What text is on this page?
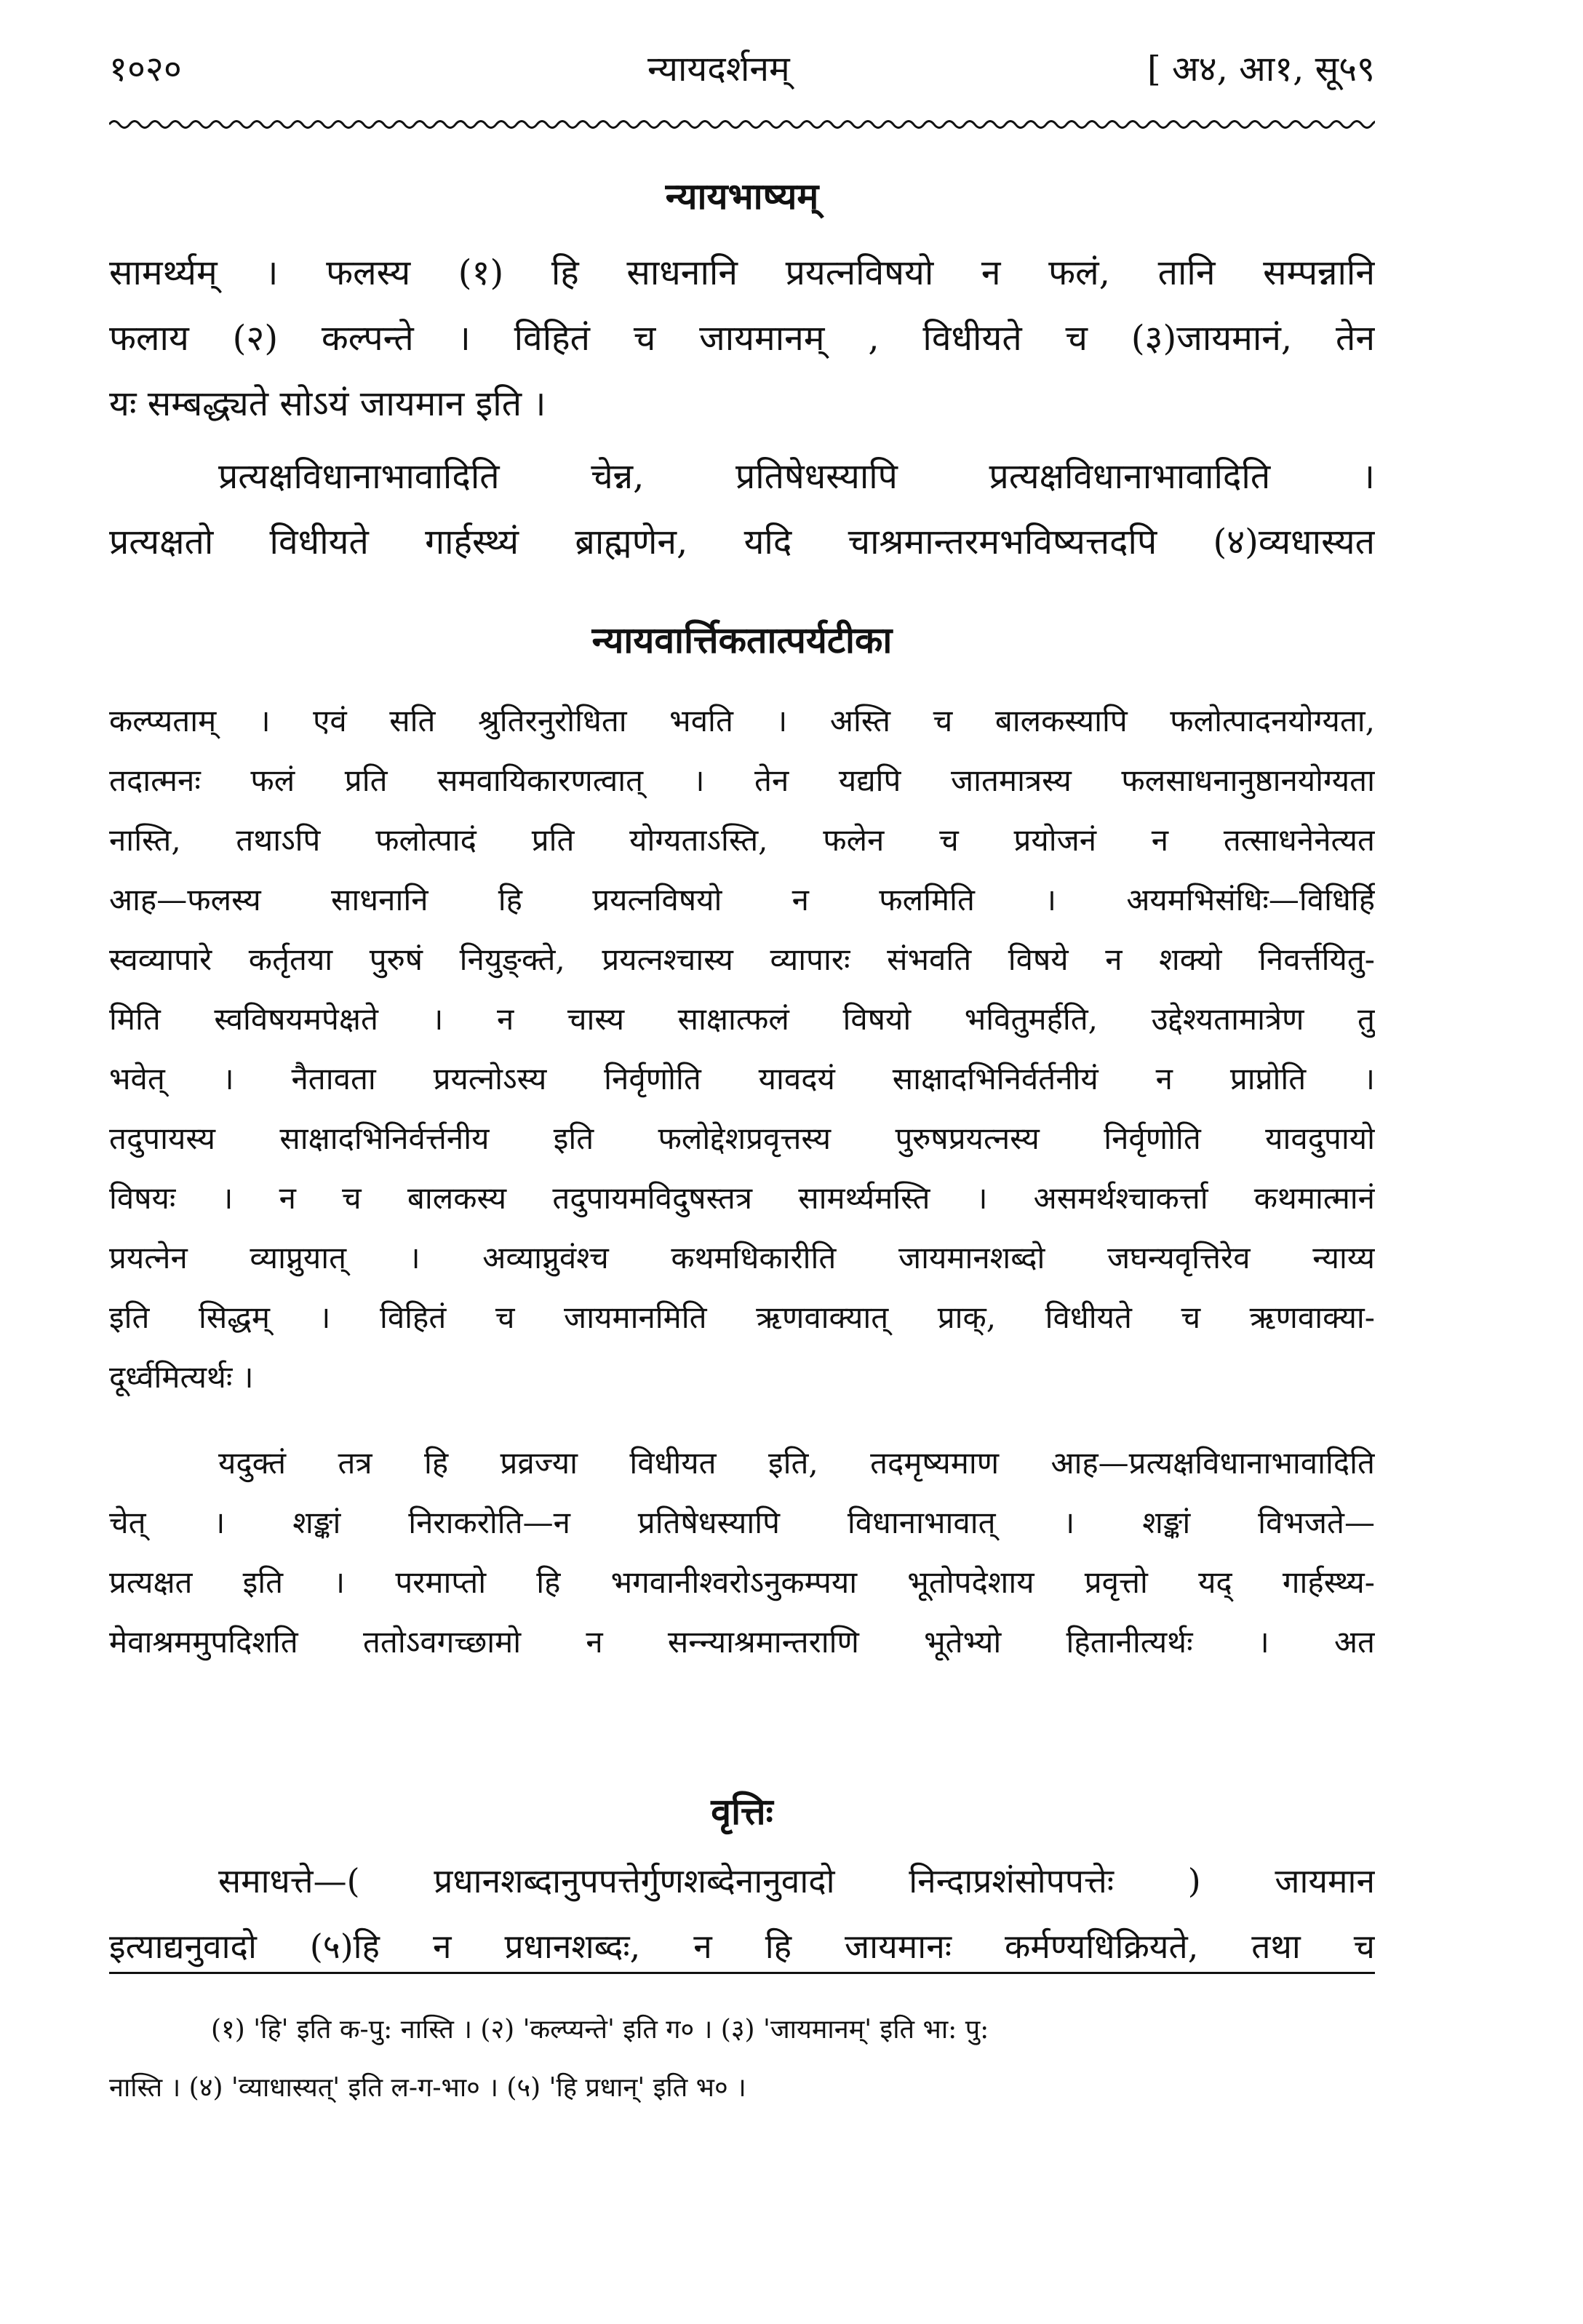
१०२०	न्यायदर्शनम्	[ अ४, आ१, सू५९
न्यायभाष्यम्
सामर्थ्यम् । फलस्य (१) हि साधनानि प्रयत्नविषयो न फलं, तानि सम्पन्नानि
फलाय (२) कल्पन्ते । विहितं च जायमानम् , विधीयते च (३)जायमानं, तेन
यः सम्बद्ध्यते सोऽयं जायमान इति ।
प्रत्यक्षविधानाभावादिति चेन्न, प्रतिषेधस्यापि प्रत्यक्षविधानाभावादिति ।
प्रत्यक्षतो विधीयते गार्हस्थ्यं ब्राह्मणेन, यदि चाश्रमान्तरमभविष्यत्तदपि (४)व्यधास्यत
न्यायवार्त्तिकतात्पर्यटीका
कल्प्यताम् । एवं सति श्रुतिरनुरोधिता भवति । अस्ति च बालकस्यापि फलोत्पादनयोग्यता,
तदात्मनः फलं प्रति समवायिकारणत्वात् । तेन यद्यपि जातमात्रस्य फलसाधनानुष्ठानयोग्यता
नास्ति, तथाऽपि फलोत्पादं प्रति योग्यताऽस्ति, फलेन च प्रयोजनं न तत्साधनेनेत्यत
आह—फलस्य साधनानि हि प्रयत्नविषयो न फलमिति । अयमभिसंधिः—विधिर्हि
स्वव्यापारे कर्तृतया पुरुषं नियुङ्क्ते, प्रयत्नश्चास्य व्यापारः संभवति विषये न शक्यो निवर्त्तयितु-
मिति स्वविषयमपेक्षते । न चास्य साक्षात्फलं विषयो भवितुमर्हति, उद्देश्यतामात्रेण तु
भवेत् । नैतावता प्रयत्नोऽस्य निर्वृणोति यावदयं साक्षादभिनिर्वर्तनीयं न प्राप्नोति ।
तदुपायस्य साक्षादभिनिर्वर्त्तनीय इति फलोद्देशप्रवृत्तस्य पुरुषप्रयत्नस्य निर्वृणोति यावदुपायो
विषयः । न च बालकस्य तदुपायमविदुषस्तत्र सामर्थ्यमस्ति । असमर्थश्चाकर्त्ता कथमात्मानं
प्रयत्नेन व्याप्नुयात् । अव्याप्नुवंश्च कथमधिकारीति जायमानशब्दो जघन्यवृत्तिरेव न्याय्य
इति सिद्धम् । विहितं च जायमानमिति ऋणवाक्यात् प्राक्, विधीयते च ऋणवाक्या-
दूर्ध्वमित्यर्थः ।
यदुक्तं तत्र हि प्रव्रज्या विधीयत इति, तदमृष्यमाण आह—प्रत्यक्षविधानाभावादिति
चेत् । शङ्कां निराकरोति—न प्रतिषेधस्यापि विधानाभावात् । शङ्कां विभजते—
प्रत्यक्षत इति । परमाप्तो हि भगवानीश्वरोऽनुकम्पया भूतोपदेशाय प्रवृत्तो यद् गार्हस्थ्य-
मेवाश्रममुपदिशति ततोऽवगच्छामो न सन्न्याश्रमान्तराणि भूतेभ्यो हितानीत्यर्थः । अत
वृत्तिः
समाधत्ते—( प्रधानशब्दानुपपत्तेर्गुणशब्देनानुवादो निन्दाप्रशंसोपपत्तेः ) जायमान
इत्याद्यनुवादो (५)हि न प्रधानशब्दः, न हि जायमानः कर्मण्यधिक्रियते, तथा च
(१) 'हि' इति क-पु: नास्ति । (२) 'कल्प्यन्ते' इति ग० । (३) 'जायमानम्' इति भा: पु:
नास्ति । (४) 'व्याधास्यत्' इति ल-ग-भा० । (५) 'हि प्रधान्' इति भ० ।
